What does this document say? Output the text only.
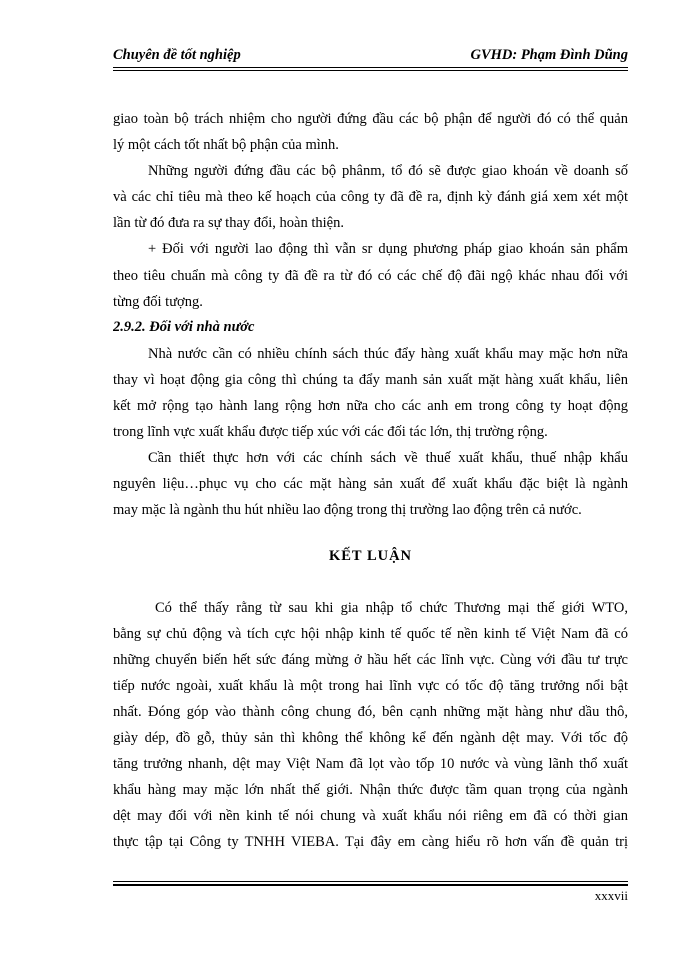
Chuyên đề tốt nghiệp	GVHD: Phạm Đình Dũng
giao toàn bộ trách nhiệm cho người đứng đầu các bộ phận để người đó có thể quản
lý một cách tốt nhất bộ phận của mình.
Những người đứng đầu các bộ phânm, tổ đó sẽ được giao khoán về doanh số
và các chỉ tiêu mà theo kế hoạch của công ty đã đề ra, định kỳ đánh giá xem xét một
lần từ đó đưa ra sự thay đổi, hoàn thiện.
+ Đối với người lao động thì vẫn sr dụng phương pháp giao khoán sản phẩm
theo tiêu chuẩn mà công ty đã đề ra từ đó có các chế độ đãi ngộ khác nhau đối với
từng đối tượng.
2.9.2. Đối với nhà nước
Nhà nước cần có nhiều chính sách thúc đẩy hàng xuất khẩu may mặc hơn nữa
thay vì hoạt động gia công thì chúng ta đẩy manh sản xuất mặt hàng xuất khẩu, liên
kết mở rộng tạo hành lang rộng hơn nữa cho các anh em trong công ty hoạt động
trong lĩnh vực xuất khẩu được tiếp xúc với các đối tác lớn, thị trường rộng.
Cần thiết thực hơn với các chính sách về thuế xuất khẩu, thuế nhập khẩu
nguyên liệu…phục vụ cho các mặt hàng sản xuất để xuất khẩu đặc biệt là ngành
may mặc là ngành thu hút nhiều lao động trong thị trường lao động trên cả nước.
KẾT LUẬN
Có thể thấy rằng từ sau khi gia nhập tổ chức Thương mại thế giới WTO,
bằng sự chủ động và tích cực hội nhập kinh tế quốc tế nền kinh tế Việt Nam đã có
những chuyển biến hết sức đáng mừng ở hầu hết các lĩnh vực. Cùng với đầu tư trực
tiếp nước ngoài, xuất khẩu là một trong hai lĩnh vực có tốc độ tăng trưởng nổi bật
nhất. Đóng góp vào thành công chung đó, bên cạnh những mặt hàng như dầu thô,
giày dép, đồ gỗ, thủy sản thì không thể không kể đến ngành dệt may. Với tốc độ
tăng trưởng nhanh, dệt may Việt Nam đã lọt vào tốp 10 nước và vùng lãnh thổ xuất
khẩu hàng may mặc lớn nhất thế giới. Nhận thức được tầm quan trọng của ngành
dệt may đối với nền kinh tế nói chung và xuất khẩu nói riêng em đã có thời gian
thực tập tại Công ty TNHH VIEBA. Tại đây em càng hiểu rõ hơn vấn đề quản trị
xxxvii
